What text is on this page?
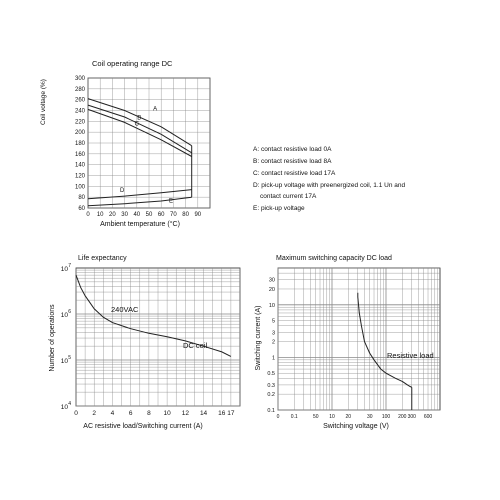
Coil operating range DC
Coil voltage (%)
Ambient temperature (°C)
0 10 20 30 40 50 60 70 80 90
60
80
100
120
140
160
180
200
220
240
260
280
300
A
B
C
D
E
A: contact resistive load 0A
B: contact resistive load 8A
C: contact resistive load 17A
D: pick-up voltage with preenergized coil, 1.1 Un and
contact current 17A
E: pick-up voltage
Life expectancy
Number of operations
AC resistive load/Switching current (A)
0 2 4 6 8 10 12 14 16 17
10 4
10 5
10 6
10 7
240VAC
DC coil
Maximum switching capacity DC load
Switching current (A)
Switching voltage (V)
0 0.1	50 10 20	30 100 200 300 600
0.1
0.2
0.3
0.5
1
2
3
5
10
20
30
Resistive load
